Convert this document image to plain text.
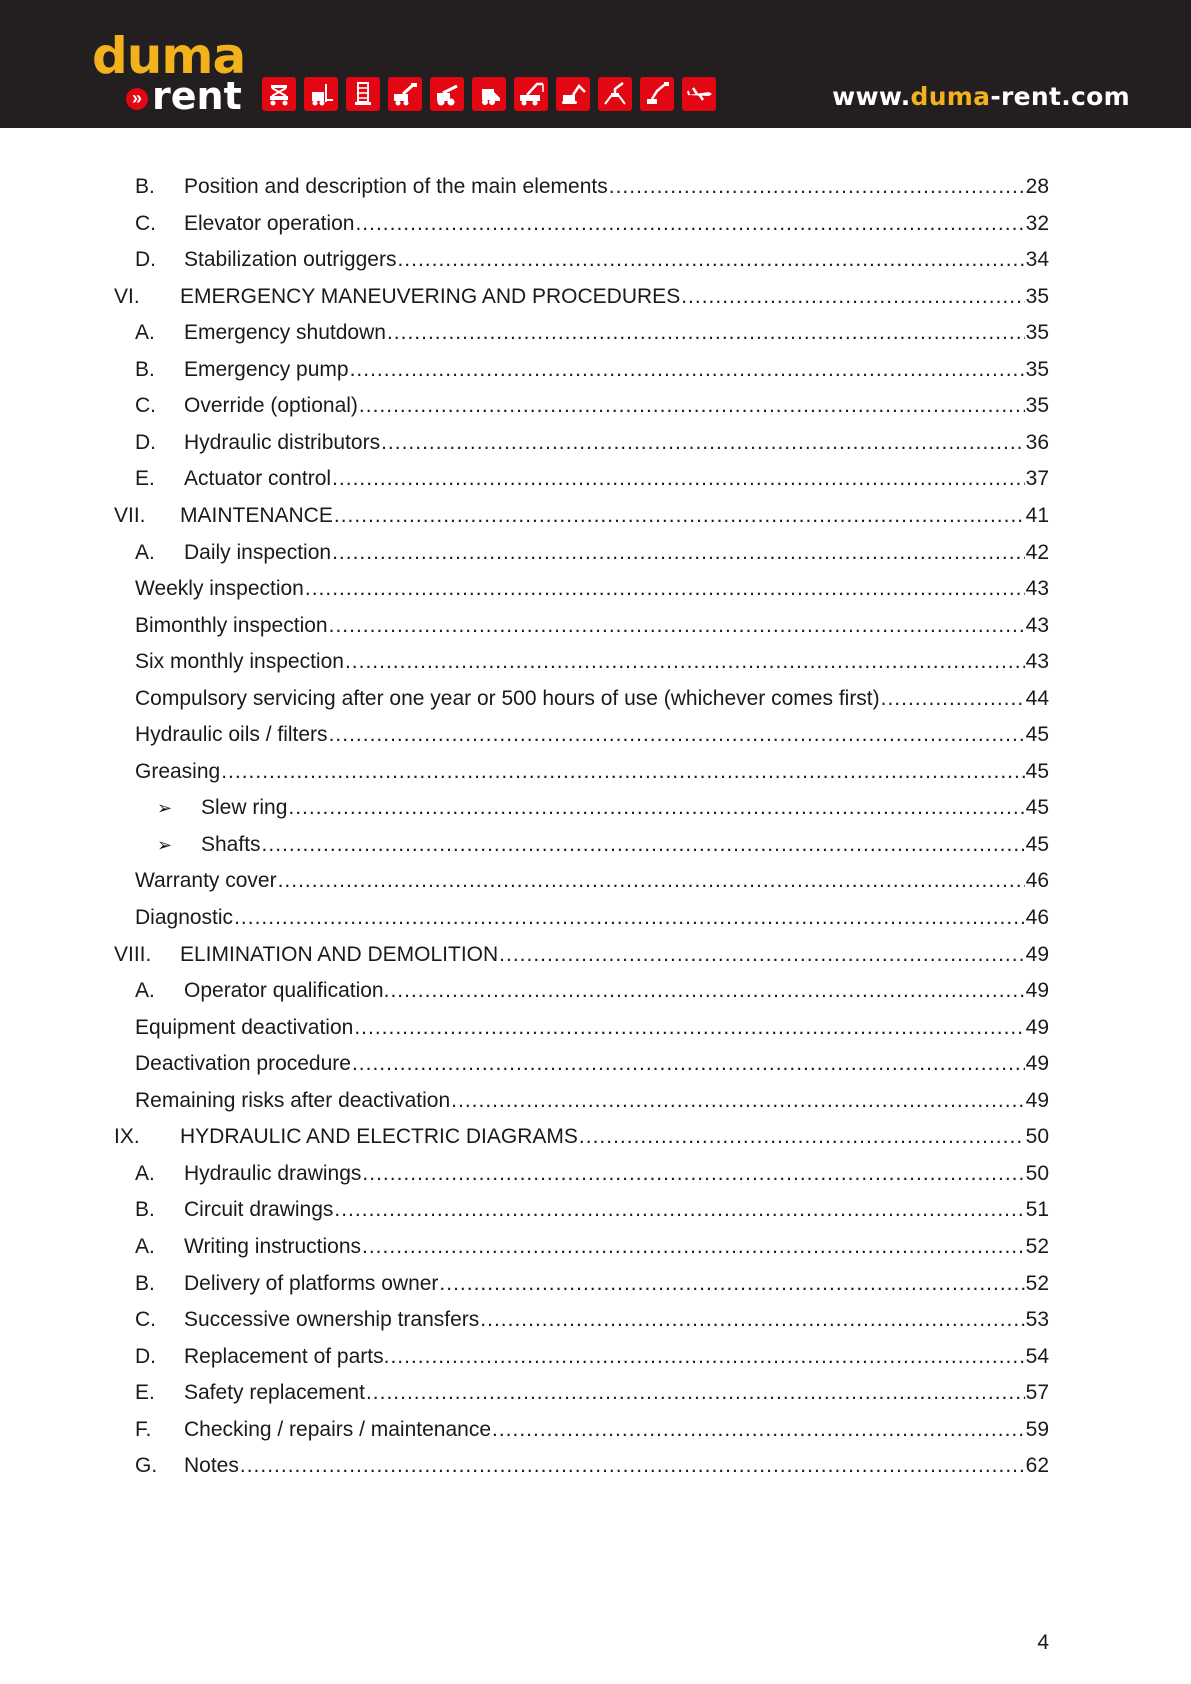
duma
» rent	www.duma-rent.com
B. Position and description of the main elements .....	28
C. Elevator operation .....	32
D. Stabilization outriggers .....	34
VI. EMERGENCY MANEUVERING AND PROCEDURES .....	35
A. Emergency shutdown .....	35
B. Emergency pump .....	35
C. Override (optional) .....	35
D. Hydraulic distributors .....	36
E. Actuator control .....	37
VII. MAINTENANCE .....	41
A. Daily inspection .....	42
Weekly inspection .....	43
Bimonthly inspection .....	43
Six monthly inspection .....	43
Compulsory servicing after one year or 500 hours of use (whichever comes first) .....	44
Hydraulic oils / filters .....	45
Greasing .....	45
➢ Slew ring .....	45
➢ Shafts .....	45
Warranty cover .....	46
Diagnostic .....	46
VIII. ELIMINATION AND DEMOLITION .....	49
A. Operator qualification. .....	49
Equipment deactivation .....	49
Deactivation procedure .....	49
Remaining risks after deactivation .....	49
IX. HYDRAULIC AND ELECTRIC DIAGRAMS .....	50
A. Hydraulic drawings .....	50
B. Circuit drawings .....	51
A. Writing instructions .....	52
B. Delivery of platforms owner .....	52
C. Successive ownership transfers .....	53
D. Replacement of parts. .....	54
E. Safety replacement .....	57
F. Checking / repairs / maintenance .....	59
G. Notes .....	62
4
